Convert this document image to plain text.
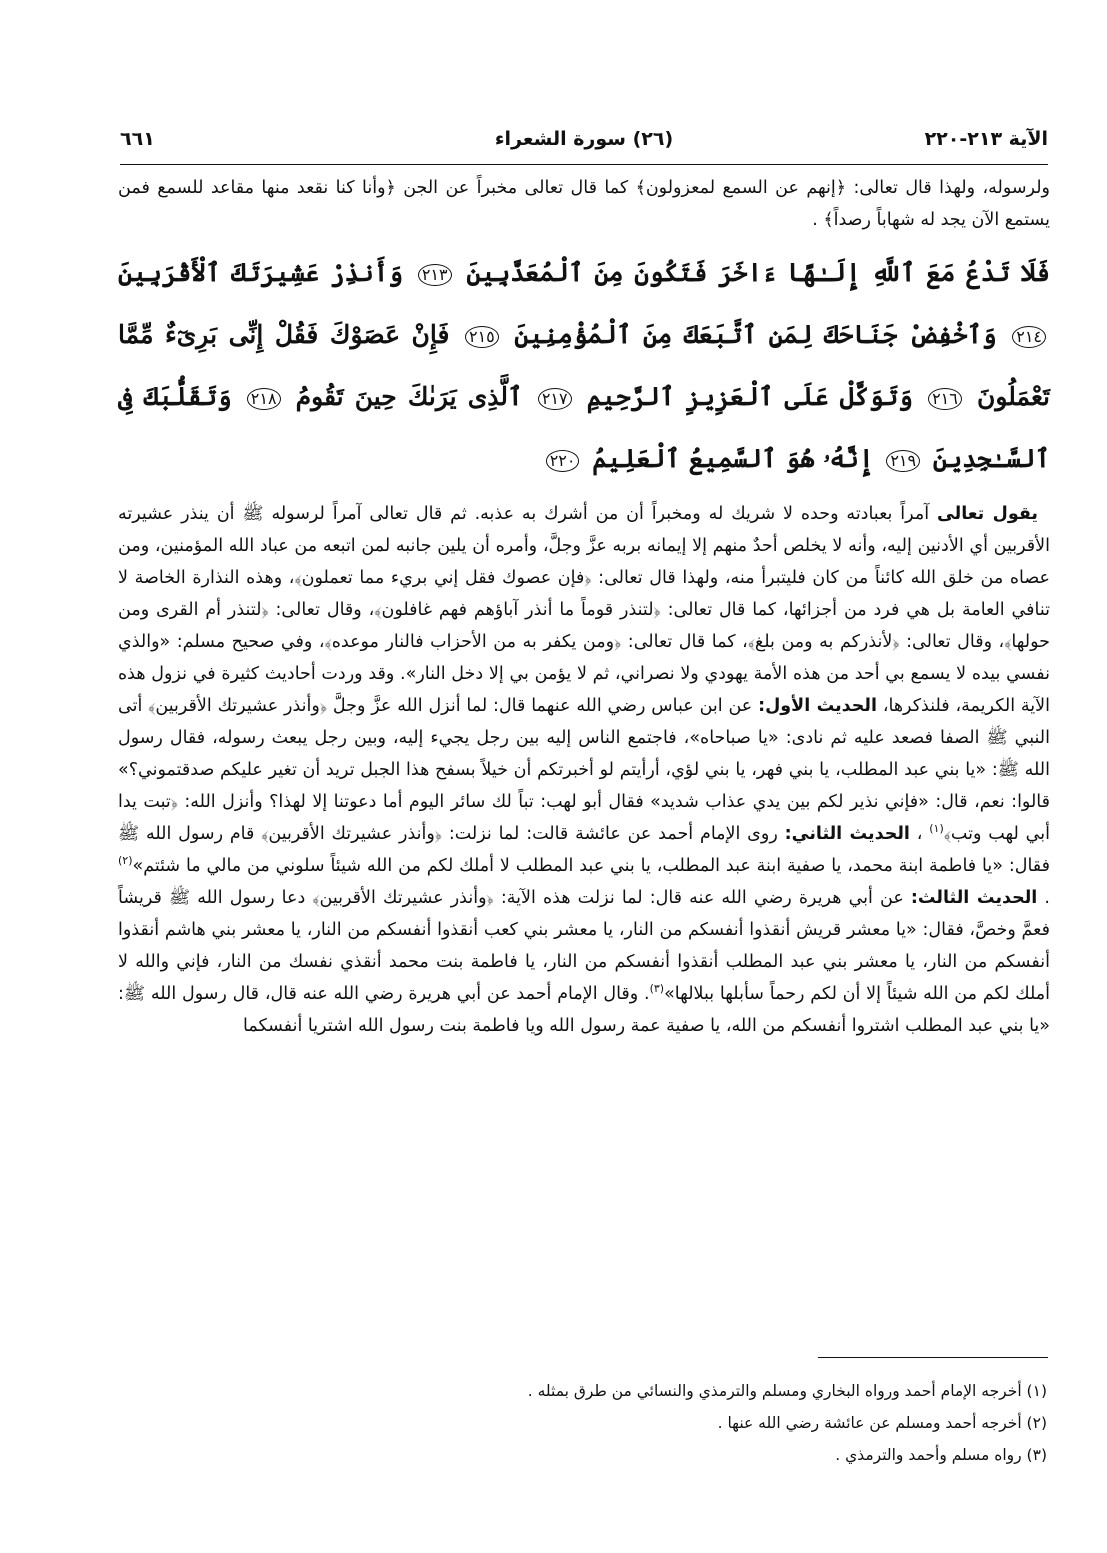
الآية ٢١٣-٢٢٠
(٢٦) سورة الشعراء
٦٦١

ولرسوله، ولهذا قال تعالى: ﴿إنهم عن السمع لمعزولون﴾ كما قال تعالى مخبراً عن الجن ﴿وأنا كنا نقعد منها مقاعد للسمع فمن يستمع الآن يجد له شهاباً رصداً﴾ .

فَلَا تَدْعُ مَعَ ٱللَّهِ إِلَـٰهًا ءَاخَرَ فَتَكُونَ مِنَ ٱلْمُعَذَّبِينَ ٢١٣ وَأَنذِرْ عَشِيرَتَكَ ٱلْأَقْرَبِينَ ٢١٤ وَٱخْفِضْ جَنَاحَكَ لِمَنِ ٱتَّبَعَكَ مِنَ ٱلْمُؤْمِنِينَ ٢١٥ فَإِنْ عَصَوْكَ فَقُلْ إِنِّى بَرِىٓءٌ مِّمَّا تَعْمَلُونَ ٢١٦ وَتَوَكَّلْ عَلَى ٱلْعَزِيزِ ٱلرَّحِيمِ ٢١٧ ٱلَّذِى يَرَىٰكَ حِينَ تَقُومُ ٢١٨ وَتَقَلُّبَكَ فِى ٱلسَّـٰجِدِينَ ٢١٩ إِنَّهُۥ هُوَ ٱلسَّمِيعُ ٱلْعَلِيمُ ٢٢٠

يقول تعالى آمراً بعبادته وحده لا شريك له ومخبراً أن من أشرك به عذبه. ثم قال تعالى آمراً لرسوله ﷺ أن ينذر عشيرته الأقربين أي الأدنين إليه، وأنه لا يخلص أحدٌ منهم إلا إيمانه بربه عزَّ وجلَّ، وأمره أن يلين جانبه لمن اتبعه من عباد الله المؤمنين، ومن عصاه من خلق الله كائناً من كان فليتبرأ منه، ولهذا قال تعالى: ﴿فإن عصوك فقل إني بريء مما تعملون﴾، وهذه النذارة الخاصة لا تنافي العامة بل هي فرد من أجزائها، كما قال تعالى: ﴿لتنذر قوماً ما أنذر آباؤهم فهم غافلون﴾، وقال تعالى: ﴿لتنذر أم القرى ومن حولها﴾، وقال تعالى: ﴿لأنذركم به ومن بلغ﴾، كما قال تعالى: ﴿ومن يكفر به من الأحزاب فالنار موعده﴾، وفي صحيح مسلم: «والذي نفسي بيده لا يسمع بي أحد من هذه الأمة يهودي ولا نصراني، ثم لا يؤمن بي إلا دخل النار». وقد وردت أحاديث كثيرة في نزول هذه الآية الكريمة، فلنذكرها، الحديث الأول: عن ابن عباس رضي الله عنهما قال: لما أنزل الله عزَّ وجلَّ ﴿وأنذر عشيرتك الأقربين﴾ أتى النبي ﷺ الصفا فصعد عليه ثم نادى: «يا صباحاه»، فاجتمع الناس إليه بين رجل يجيء إليه، وبين رجل يبعث رسوله، فقال رسول الله ﷺ: «يا بني عبد المطلب، يا بني فهر، يا بني لؤي، أرأيتم لو أخبرتكم أن خيلاً بسفح هذا الجبل تريد أن تغير عليكم صدقتموني؟» قالوا: نعم، قال: «فإني نذير لكم بين يدي عذاب شديد» فقال أبو لهب: تباً لك سائر اليوم أما دعوتنا إلا لهذا؟ وأنزل الله: ﴿تبت يدا أبي لهب وتب﴾$^{(١)}$ ، الحديث الثاني: روى الإمام أحمد عن عائشة قالت: لما نزلت: ﴿وأنذر عشيرتك الأقربين﴾ قام رسول الله ﷺ فقال: «يا فاطمة ابنة محمد، يا صفية ابنة عبد المطلب، يا بني عبد المطلب لا أملك لكم من الله شيئاً سلوني من مالي ما شئتم»$^{(٢)}$ . الحديث الثالث: عن أبي هريرة رضي الله عنه قال: لما نزلت هذه الآية: ﴿وأنذر عشيرتك الأقربين﴾ دعا رسول الله ﷺ قريشاً فعمَّ وخصَّ، فقال: «يا معشر قريش أنقذوا أنفسكم من النار، يا معشر بني كعب أنقذوا أنفسكم من النار، يا معشر بني هاشم أنقذوا أنفسكم من النار، يا معشر بني عبد المطلب أنقذوا أنفسكم من النار، يا فاطمة بنت محمد أنقذي نفسك من النار، فإني والله لا أملك لكم من الله شيئاً إلا أن لكم رحماً سأبلها ببلالها»$^{(٣)}$. وقال الإمام أحمد عن أبي هريرة رضي الله عنه قال، قال رسول الله ﷺ: «يا بني عبد المطلب اشتروا أنفسكم من الله، يا صفية عمة رسول الله ويا فاطمة بنت رسول الله اشتريا أنفسكما

(١) أخرجه الإمام أحمد ورواه البخاري ومسلم والترمذي والنسائي من طرق بمثله .

(٢) أخرجه أحمد ومسلم عن عائشة رضي الله عنها .

(٣) رواه مسلم وأحمد والترمذي .
